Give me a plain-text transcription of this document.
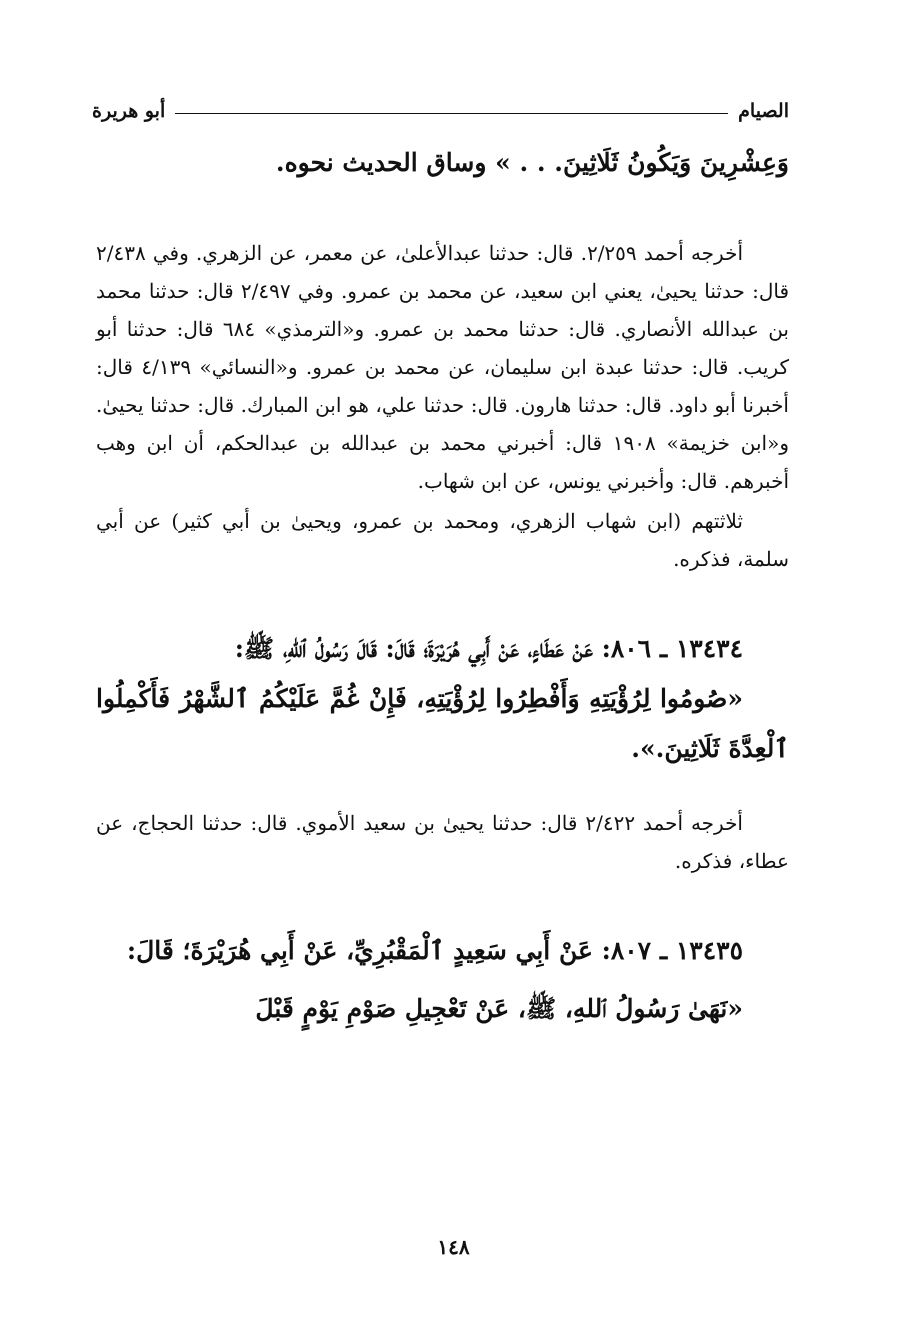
الصيام
أبو هريرة

وَعِشْرِينَ وَيَكُونُ ثَلَاثِينَ. . . » وساق الحديث نحوه.

أخرجه أحمد ٢/٢٥٩. قال: حدثنا عبدالأعلىٰ، عن معمر، عن الزهري. وفي ٢/٤٣٨ قال: حدثنا يحيىٰ، يعني ابن سعيد، عن محمد بن عمرو. وفي ٢/٤٩٧ قال: حدثنا محمد بن عبدالله الأنصاري. قال: حدثنا محمد بن عمرو. و«الترمذي» ٦٨٤ قال: حدثنا أبو كريب. قال: حدثنا عبدة ابن سليمان، عن محمد بن عمرو. و«النسائي» ٤/١٣٩ قال: أخبرنا أبو داود. قال: حدثنا هارون. قال: حدثنا علي، هو ابن المبارك. قال: حدثنا يحيىٰ. و«ابن خزيمة» ١٩٠٨ قال: أخبرني محمد بن عبدالله بن عبدالحكم، أن ابن وهب أخبرهم. قال: وأخبرني يونس، عن ابن شهاب.

ثلاثتهم (ابن شهاب الزهري، ومحمد بن عمرو، ويحيىٰ بن أبي كثير) عن أبي سلمة، فذكره.

١٣٤٣٤ ـ ٨٠٦: عَنْ عَطَاءٍ، عَنْ أَبِي هُرَيْرَةَ؛ قَالَ: قَالَ رَسُولُ ٱللهِ، ﷺ:

«صُومُوا لِرُؤْيَتِهِ وَأَفْطِرُوا لِرُؤْيَتِهِ، فَإِنْ غُمَّ عَلَيْكُمُ ٱلشَّهْرُ فَأَكْمِلُوا ٱلْعِدَّةَ ثَلَاثِينَ.».

أخرجه أحمد ٢/٤٢٢ قال: حدثنا يحيىٰ بن سعيد الأموي. قال: حدثنا الحجاج، عن عطاء، فذكره.

١٣٤٣٥ ـ ٨٠٧: عَنْ أَبِي سَعِيدٍ ٱلْمَقْبُرِيِّ، عَنْ أَبِي هُرَيْرَةَ؛ قَالَ:

«نَهَىٰ رَسُولُ ٱللهِ، ﷺ، عَنْ تَعْجِيلِ صَوْمِ يَوْمٍ قَبْلَ

١٤٨
